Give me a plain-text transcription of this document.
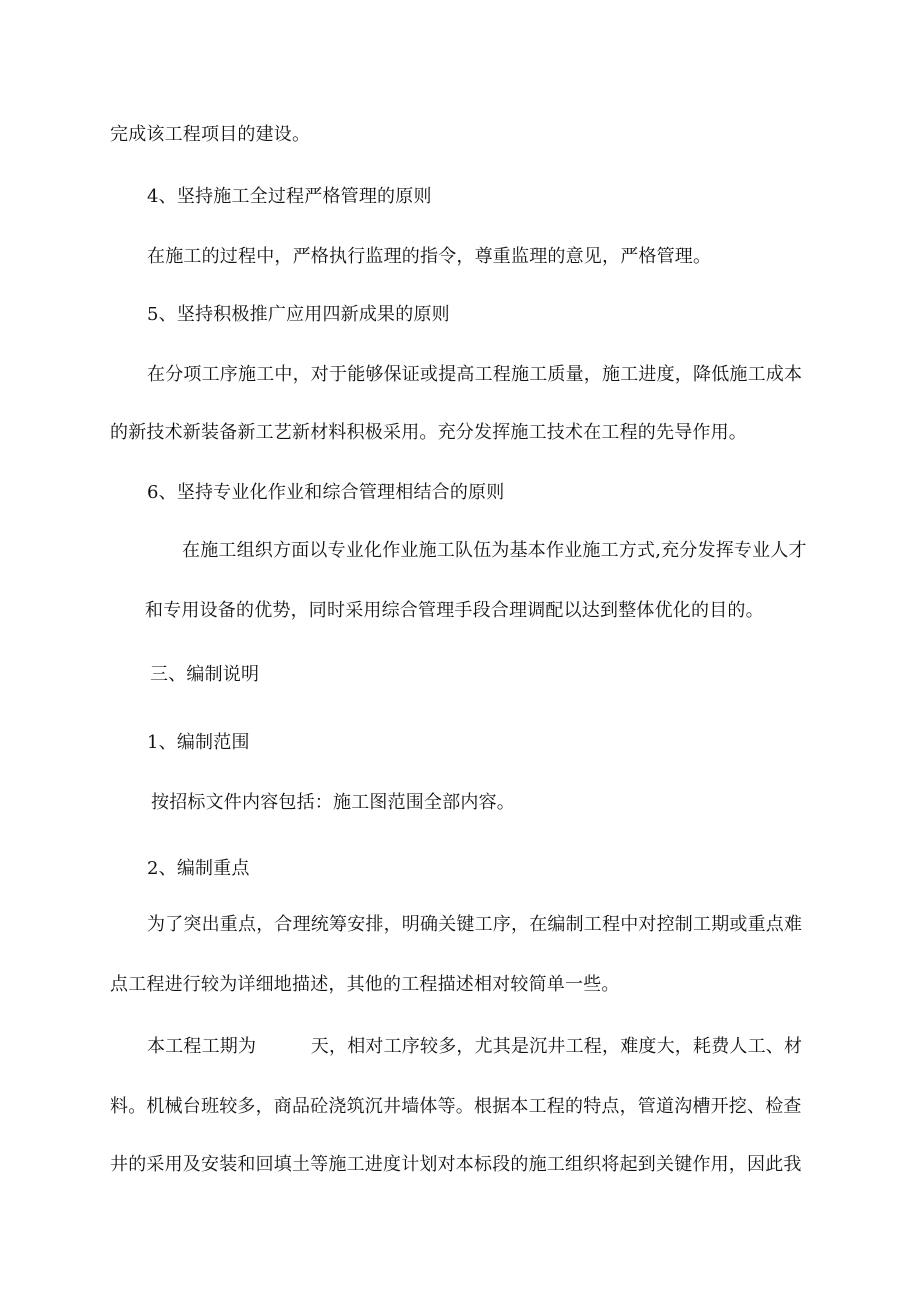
完成该工程项目的建设。
4、坚持施工全过程严格管理的原则
在施工的过程中，严格执行监理的指令，尊重监理的意见，严格管理。
5、坚持积极推广应用四新成果的原则
在分项工序施工中，对于能够保证或提高工程施工质量，施工进度，降低施工成本
的新技术新装备新工艺新材料积极采用。充分发挥施工技术在工程的先导作用。
6、坚持专业化作业和综合管理相结合的原则
在施工组织方面以专业化作业施工队伍为基本作业施工方式,充分发挥专业人才
和专用设备的优势，同时采用综合管理手段合理调配以达到整体优化的目的。
三、编制说明
1、编制范围
按招标文件内容包括：施工图范围全部内容。
2、编制重点
为了突出重点，合理统筹安排，明确关键工序，在编制工程中对控制工期或重点难
点工程进行较为详细地描述，其他的工程描述相对较简单一些。
本工程工期为　　　天，相对工序较多，尤其是沉井工程，难度大，耗费人工、材
料。机械台班较多，商品砼浇筑沉井墙体等。根据本工程的特点，管道沟槽开挖、检查
井的采用及安装和回填土等施工进度计划对本标段的施工组织将起到关键作用，因此我
